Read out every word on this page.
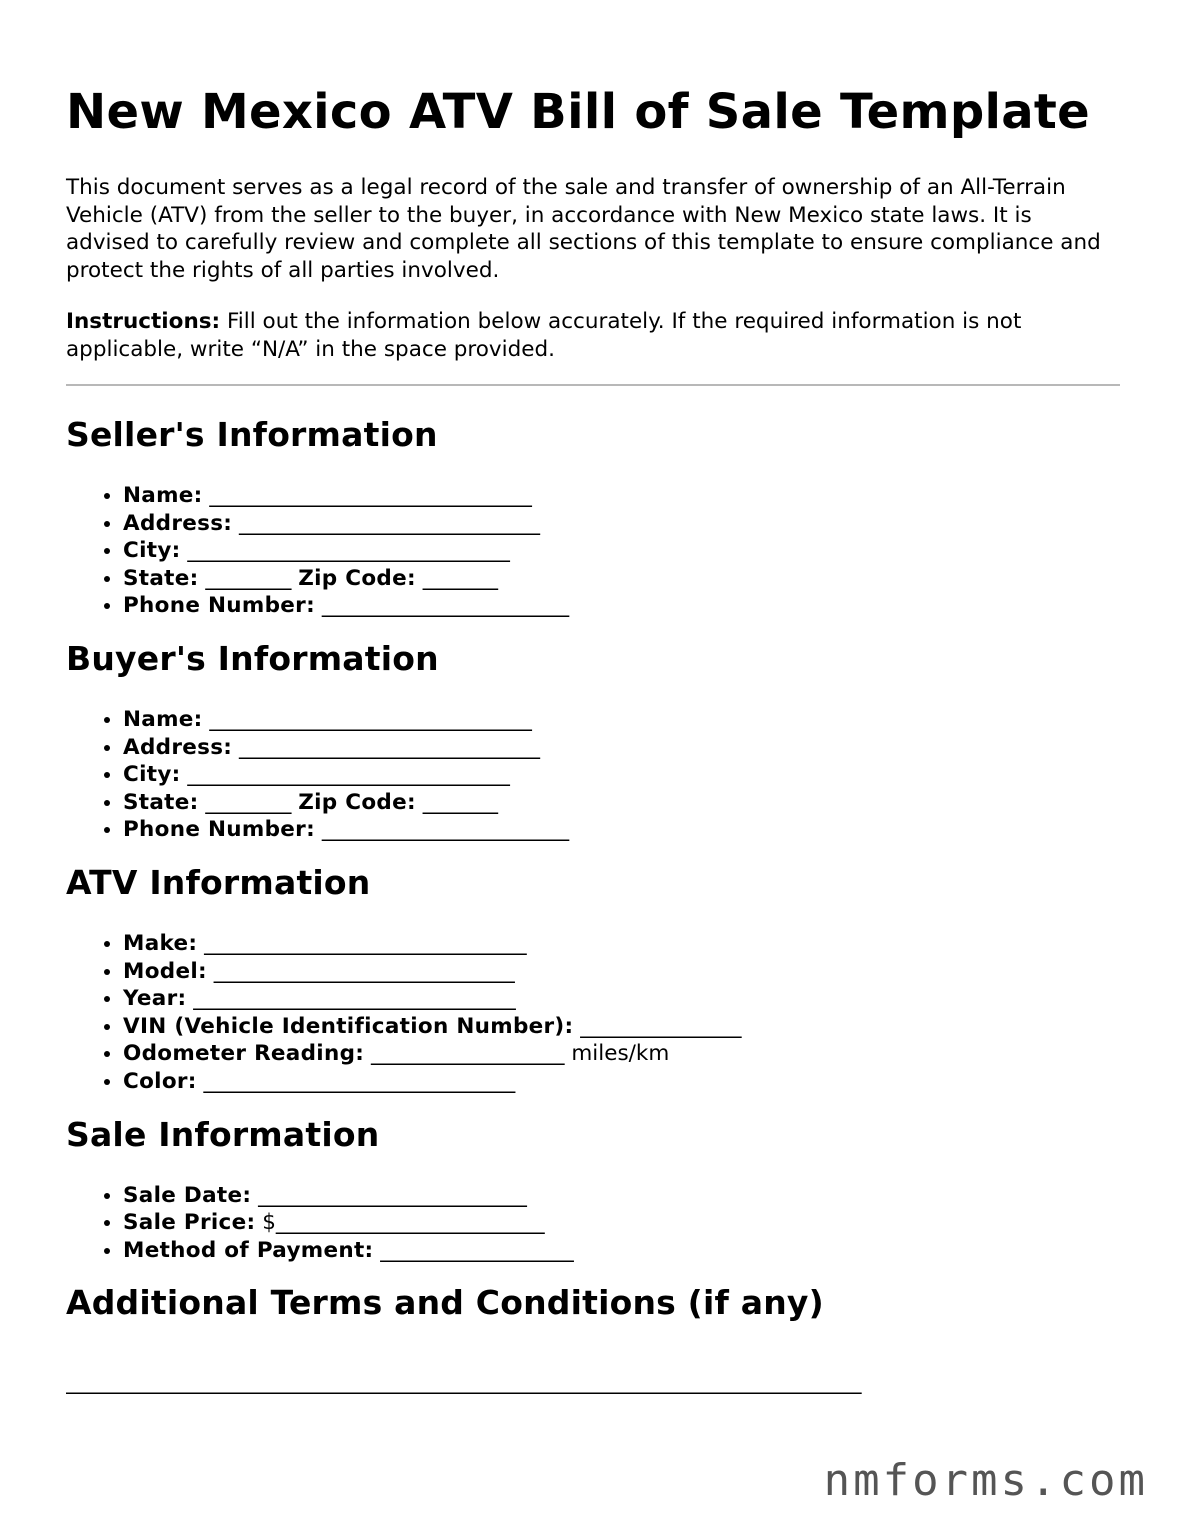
New Mexico ATV Bill of Sale Template

This document serves as a legal record of the sale and transfer of ownership of an All-Terrain Vehicle (ATV) from the seller to the buyer, in accordance with New Mexico state laws. It is advised to carefully review and complete all sections of this template to ensure compliance and protect the rights of all parties involved.

Instructions: Fill out the information below accurately. If the required information is not applicable, write “N/A” in the space provided.

Seller's Information
• Name: ______________________________
• Address: ____________________________
• City: ______________________________
• State: ________ Zip Code: _______
• Phone Number: _______________________
Buyer's Information
• Name: ______________________________
• Address: ____________________________
• City: ______________________________
• State: ________ Zip Code: _______
• Phone Number: _______________________
ATV Information
• Make: ______________________________
• Model: ____________________________
• Year: ______________________________
• VIN (Vehicle Identification Number): _______________
• Odometer Reading: __________________ miles/km
• Color: _____________________________
Sale Information
• Sale Date: _________________________
• Sale Price: $_________________________
• Method of Payment: __________________
Additional Terms and Conditions (if any)
__________________________________________________________________________
nmforms.com
